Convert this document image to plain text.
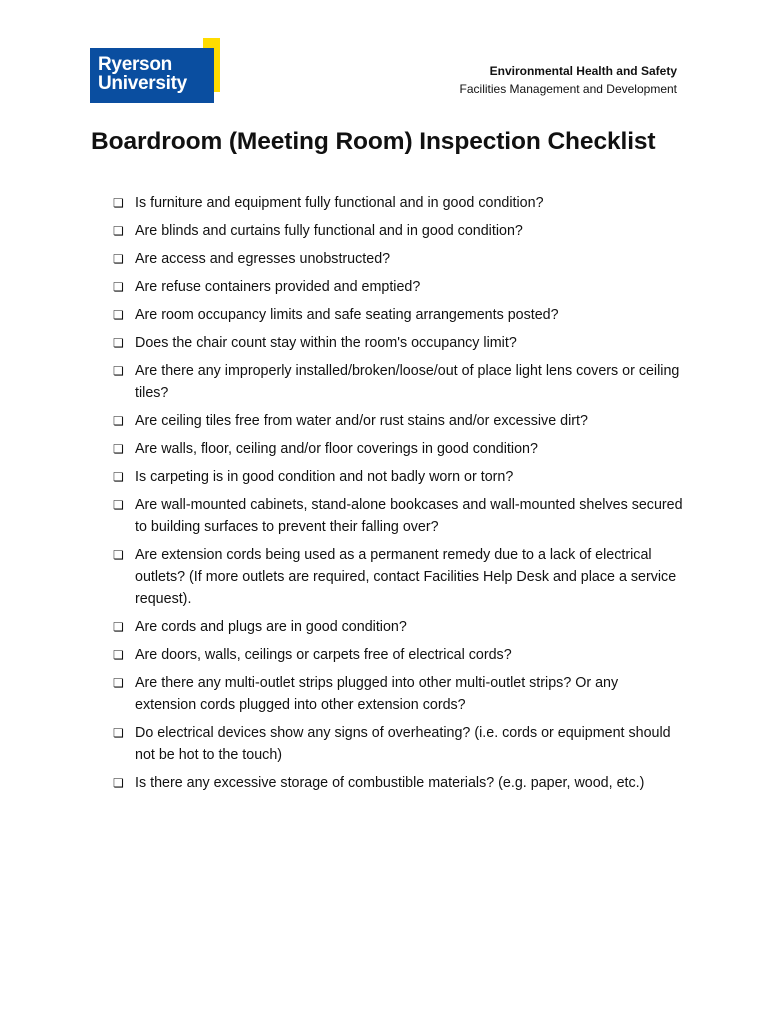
Ryerson
University
Environmental Health and Safety
Facilities Management and Development
Boardroom (Meeting Room) Inspection Checklist
❏ Is furniture and equipment fully functional and in good condition?
❏ Are blinds and curtains fully functional and in good condition?
❏ Are access and egresses unobstructed?
❏ Are refuse containers provided and emptied?
❏ Are room occupancy limits and safe seating arrangements posted?
❏ Does the chair count stay within the room's occupancy limit?
❏ Are there any improperly installed/broken/loose/out of place light lens covers or ceiling tiles?
❏ Are ceiling tiles free from water and/or rust stains and/or excessive dirt?
❏ Are walls, floor, ceiling and/or floor coverings in good condition?
❏ Is carpeting is in good condition and not badly worn or torn?
❏ Are wall-mounted cabinets, stand-alone bookcases and wall-mounted shelves secured to building surfaces to prevent their falling over?
❏ Are extension cords being used as a permanent remedy due to a lack of electrical outlets? (If more outlets are required, contact Facilities Help Desk and place a service request).
❏ Are cords and plugs are in good condition?
❏ Are doors, walls, ceilings or carpets free of electrical cords?
❏ Are there any multi-outlet strips plugged into other multi-outlet strips? Or any extension cords plugged into other extension cords?
❏ Do electrical devices show any signs of overheating? (i.e. cords or equipment should not be hot to the touch)
❏ Is there any excessive storage of combustible materials? (e.g. paper, wood, etc.)
